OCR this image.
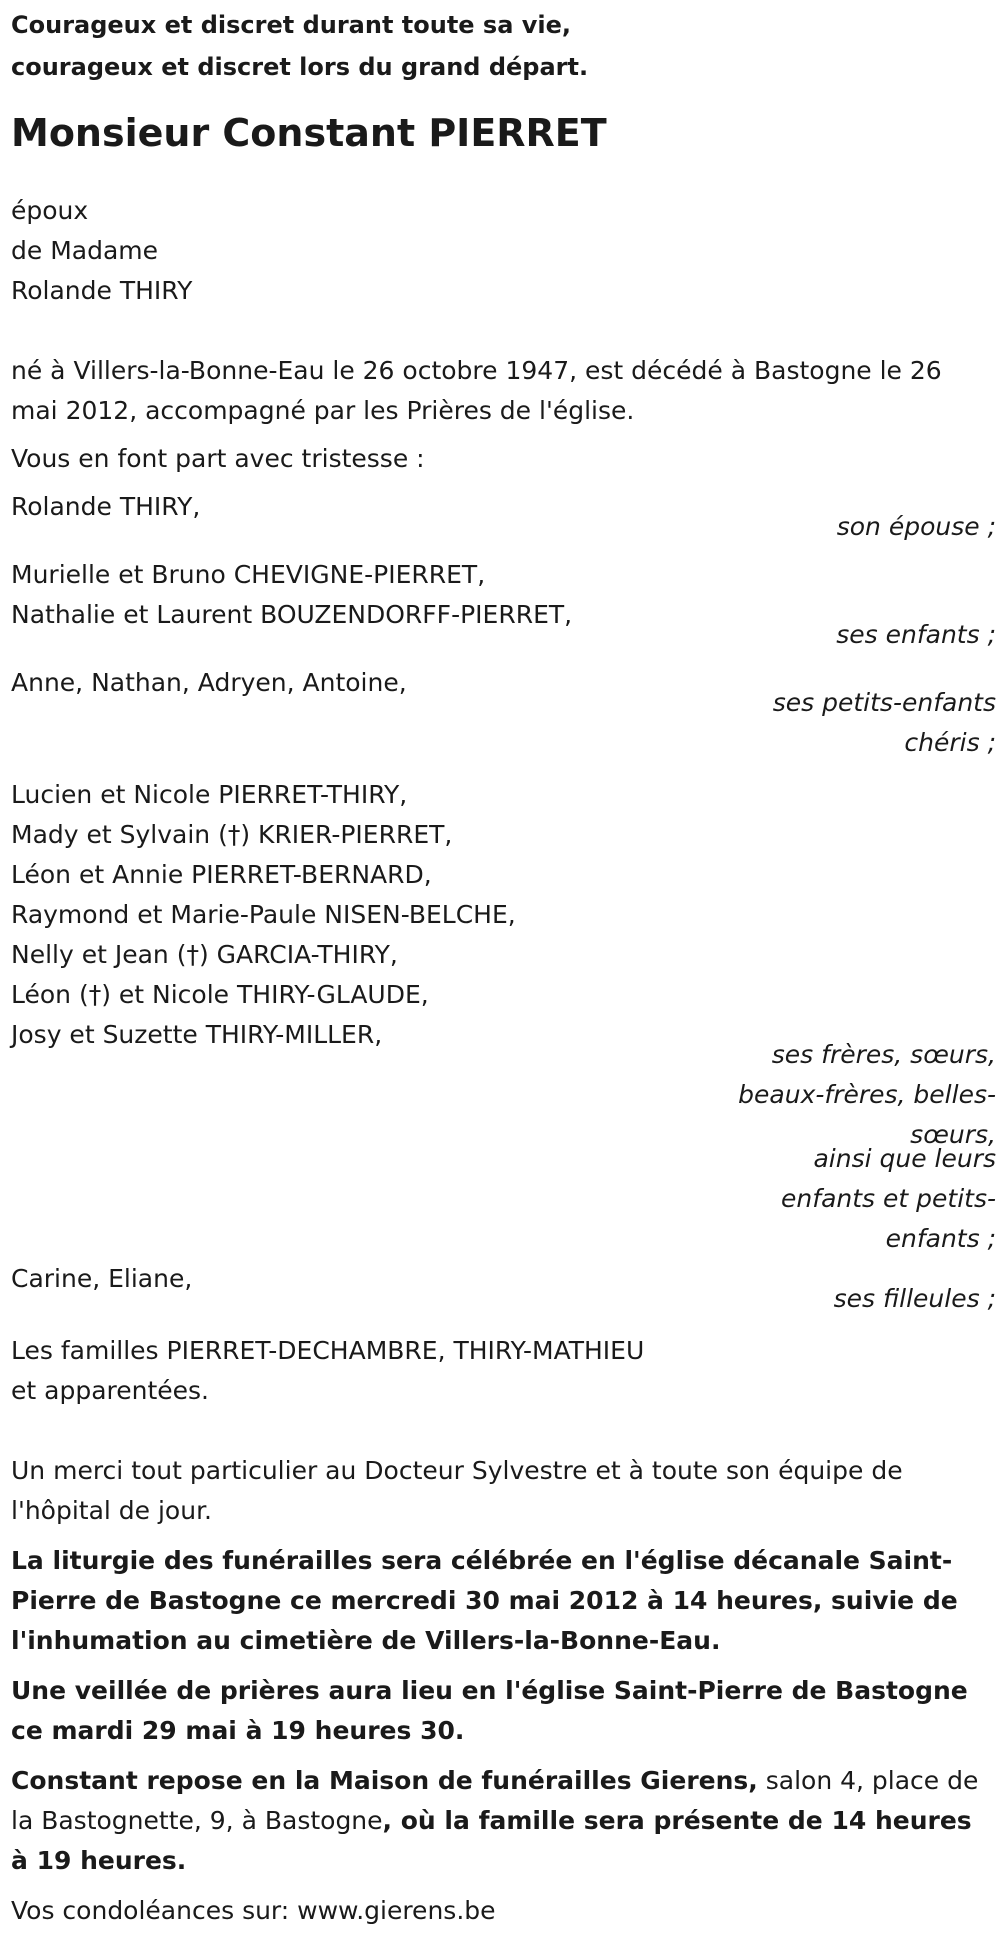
Courageux et discret durant toute sa vie,
courageux et discret lors du grand départ.
Monsieur Constant PIERRET
époux
de Madame
Rolande THIRY
né à Villers-la-Bonne-Eau le 26 octobre 1947, est décédé à Bastogne le 26 mai 2012, accompagné par les Prières de l'église.
Vous en font part avec tristesse :
Rolande THIRY,
son épouse ;
Murielle et Bruno CHEVIGNE-PIERRET,
Nathalie et Laurent BOUZENDORFF-PIERRET,
ses enfants ;
Anne, Nathan, Adryen, Antoine,
ses petits-enfants
chéris ;
Lucien et Nicole PIERRET-THIRY,
Mady et Sylvain (†) KRIER-PIERRET,
Léon et Annie PIERRET-BERNARD,
Raymond et Marie-Paule NISEN-BELCHE,
Nelly et Jean (†) GARCIA-THIRY,
Léon (†) et Nicole THIRY-GLAUDE,
Josy et Suzette THIRY-MILLER,
ses frères, sœurs,
beaux-frères, belles-
sœurs,
ainsi que leurs
enfants et petits-
enfants ;
Carine, Eliane,
ses filleules ;
Les familles PIERRET-DECHAMBRE, THIRY-MATHIEU
et apparentées.
Un merci tout particulier au Docteur Sylvestre et à toute son équipe de l'hôpital de jour.
La liturgie des funérailles sera célébrée en l'église décanale Saint-Pierre de Bastogne ce mercredi 30 mai 2012 à 14 heures, suivie de l'inhumation au cimetière de Villers-la-Bonne-Eau.
Une veillée de prières aura lieu en l'église Saint-Pierre de Bastogne ce mardi 29 mai à 19 heures 30.
Constant repose en la Maison de funérailles Gierens, salon 4, place de la Bastognette, 9, à Bastogne, où la famille sera présente de 14 heures à 19 heures.
Vos condoléances sur: www.gierens.be
